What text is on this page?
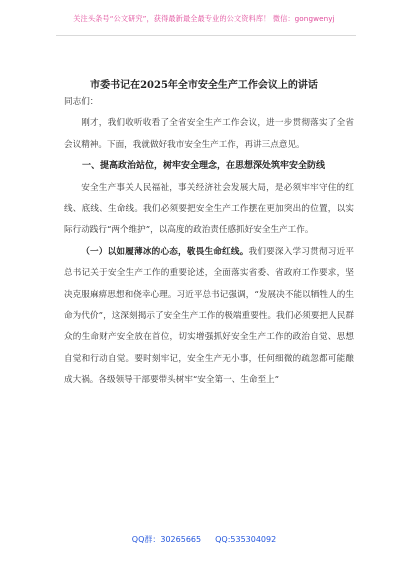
关注头条号“公文研究”，获得最新最全最专业的公文资料库！ 微信：gongwenyj
市委书记在2025年全市安全生产工作会议上的讲话

同志们：

刚才，我们收听收看了全省安全生产工作会议，进一步贯彻落实了全省会议精神。下面，我就做好我市安全生产工作，再讲三点意见。

一、提高政治站位，树牢安全理念，在思想深处筑牢安全防线

安全生产事关人民福祉，事关经济社会发展大局，是必须牢牢守住的红线、底线、生命线。我们必须要把安全生产工作摆在更加突出的位置，以实际行动践行“两个维护”，以高度的政治责任感抓好安全生产工作。

（一）以如履薄冰的心态，敬畏生命红线。我们要深入学习贯彻习近平总书记关于安全生产工作的重要论述，全面落实省委、省政府工作要求，坚决克服麻痹思想和侥幸心理。习近平总书记强调，“发展决不能以牺牲人的生命为代价”，这深刻揭示了安全生产工作的极端重要性。我们必须要把人民群众的生命财产安全放在首位，切实增强抓好安全生产工作的政治自觉、思想自觉和行动自觉。要时刻牢记，安全生产无小事，任何细微的疏忽都可能酿成大祸。各级领导干部要带头树牢“安全第一、生命至上”

QQ群：30265665 QQ:535304092
